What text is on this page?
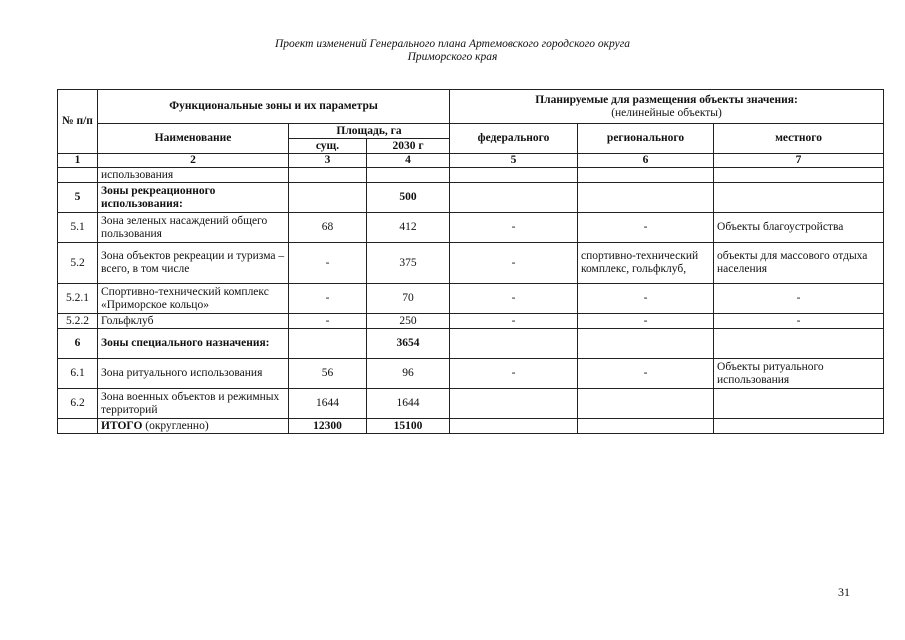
Проект изменений Генерального плана Артемовского городского округа
Приморского края
№ п/п	Функциональные зоны и их параметры			Планируемые для размещения объекты значения:
(нелинейные объекты)		

	Наименование	Площадь, га		федерального	регионального	местного
		сущ.	2030 г			
1	2	3	4	5	6	7
	использования					
5	Зоны рекреационного использования:		500			
5.1	Зона зеленых насаждений общего пользования	68	412	-	-	Объекты благоустройства
5.2	Зона объектов рекреации и туризма – всего, в том числе	-	375	-	спортивно-технический комплекс, гольфклуб,	объекты для массового отдыха населения
5.2.1	Спортивно-технический комплекс «Приморское кольцо»	-	70	-	-	-
5.2.2	Гольфклуб	-	250	-	-	-
6	Зоны специального назначения:		3654			
6.1	Зона ритуального использования	56	96	-	-	Объекты ритуального использования
6.2	Зона военных объектов и режимных территорий	1644	1644			
	ИТОГО (округленно)	12300	15100			
31
